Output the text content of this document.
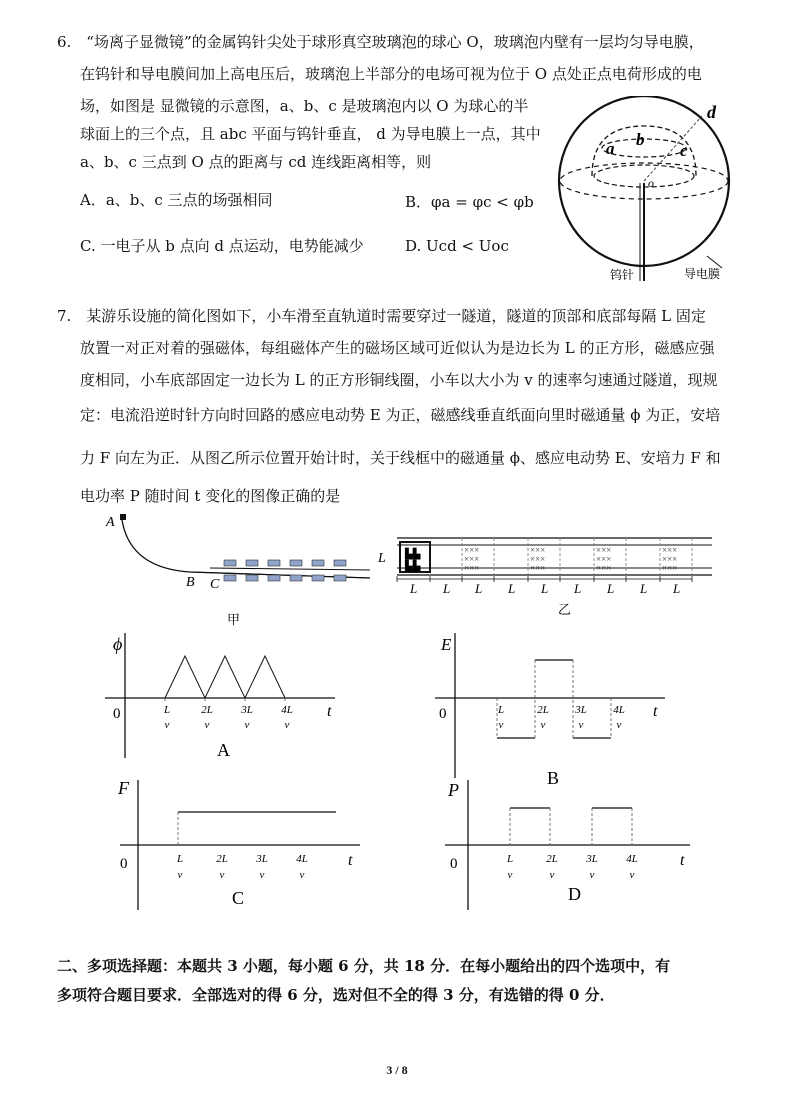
6.　“场离子显微镜”的金属钨针尖处于球形真空玻璃泡的球心 O，玻璃泡内壁有一层均匀导电膜，
在钨针和导电膜间加上高电压后，玻璃泡上半部分的电场可视为位于 O 点处正点电荷形成的电
场，如图是 显微镜的示意图，a、b、c 是玻璃泡内以 O 为球心的半
球面上的三个点，且 abc 平面与钨针垂直， d 为导电膜上一点，其中
a、b、c 三点到 O 点的距离与 cd 连线距离相等，则
A．a、b、c 三点的场强相同	B．φa = φc < φb
C. 一电子从 b 点向 d 点运动，电势能减少	D. Ucd < Uoc
d
a b
c
o
钨针	导电膜
7.　某游乐设施的简化图如下，小车滑至直轨道时需要穿过一隧道，隧道的顶部和底部每隔 L 固定
放置一对正对着的强磁体，每组磁体产生的磁场区域可近似认为是边长为 L 的正方形，磁感应强
度相同，小车底部固定一边长为 L 的正方形铜线圈，小车以大小为 v 的速率匀速通过隧道，现规
定：电流沿逆时针方向时回路的感应电动势 E 为正，磁感线垂直纸面向里时磁通量 ϕ 为正，安培
力 F 向左为正．从图乙所示位置开始计时，关于线框中的磁通量 ϕ、感应电动势 E、安培力 F 和
电功率 P 随时间 t 变化的图像正确的是
A
B C
甲
▙▙
▙▙
×××
×××
×××
×××
×××
×××
×××
×××
×××
×××
×××
×××
L
L L L L L L L L L
乙
ϕ
0	t
L
v
2L
v
3L
v
4L
v
A
E
0	t
L
v
2L
v
3L
v
4L
v
B
F
0	t
L
v
2L
v
3L
v
4L
v
C
P
0	t
L
v
2L
v
3L
v
4L
v
D
二、多项选择题：本题共 3 小题，每小题 6 分，共 18 分．在每小题给出的四个选项中，有
多项符合题目要求．全部选对的得 6 分，选对但不全的得 3 分，有选错的得 0 分．
3 / 8
